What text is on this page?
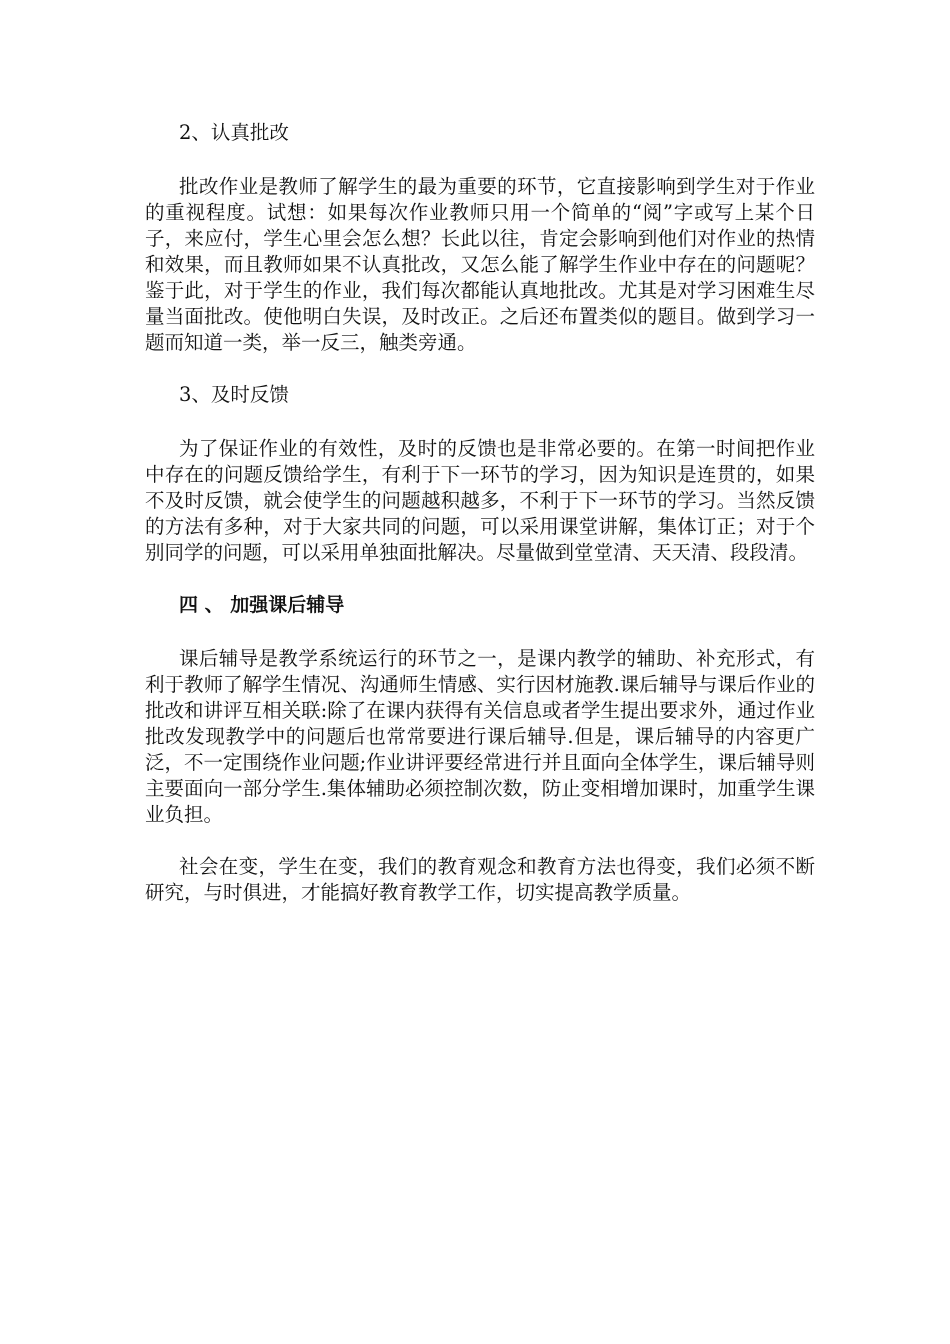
2、认真批改

批改作业是教师了解学生的最为重要的环节，它直接影响到学生对于作业的重视程度。试想：如果每次作业教师只用一个简单的“阅”字或写上某个日子，来应付，学生心里会怎么想？长此以往，肯定会影响到他们对作业的热情和效果，而且教师如果不认真批改，又怎么能了解学生作业中存在的问题呢？鉴于此，对于学生的作业，我们每次都能认真地批改。尤其是对学习困难生尽量当面批改。使他明白失误，及时改正。之后还布置类似的题目。做到学习一题而知道一类，举一反三，触类旁通。

3、及时反馈

为了保证作业的有效性，及时的反馈也是非常必要的。在第一时间把作业中存在的问题反馈给学生，有利于下一环节的学习，因为知识是连贯的，如果不及时反馈，就会使学生的问题越积越多，不利于下一环节的学习。当然反馈的方法有多种，对于大家共同的问题，可以采用课堂讲解，集体订正；对于个别同学的问题，可以采用单独面批解决。尽量做到堂堂清、天天清、段段清。

四 、 加强课后辅导

课后辅导是教学系统运行的环节之一，是课内教学的辅助、补充形式，有利于教师了解学生情况、沟通师生情感、实行因材施教.课后辅导与课后作业的批改和讲评互相关联:除了在课内获得有关信息或者学生提出要求外，通过作业批改发现教学中的问题后也常常要进行课后辅导.但是，课后辅导的内容更广泛，不一定围绕作业问题;作业讲评要经常进行并且面向全体学生，课后辅导则主要面向一部分学生.集体辅助必须控制次数，防止变相增加课时，加重学生课业负担。

社会在变，学生在变，我们的教育观念和教育方法也得变，我们必须不断研究，与时俱进，才能搞好教育教学工作，切实提高教学质量。
